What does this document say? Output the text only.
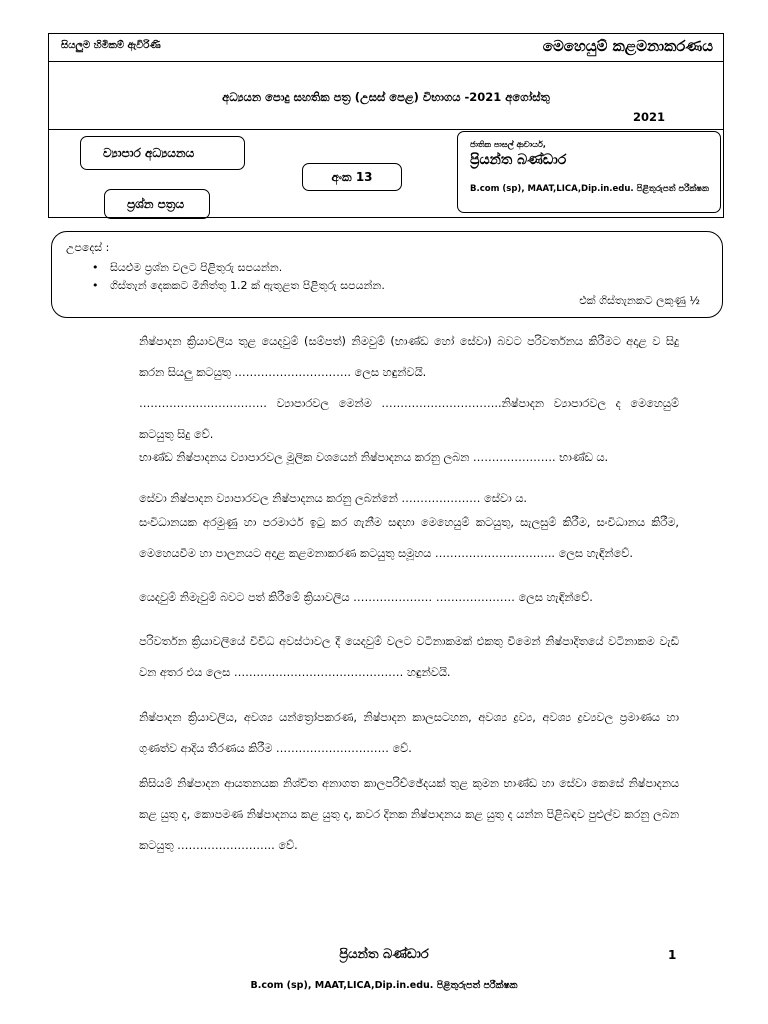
සියලුම හිමිකම් ඇවිරිණි	මෙහෙයුම් කළමනාකරණය
අධ්‍යයන පොදු සහතික පත්‍ර (උසස් පෙළ) විභාගය -2021 අගෝස්තු
2021
ව්‍යාපාර අධ්‍යයනය
ප්‍රශ්න පත්‍රය
අංක 13
ජාතික පාසල් ආචාර්ය,
ප්‍රියන්ත බණ්ඩාර
B.com (sp), MAAT,LICA,Dip.in.edu. පිළිතුරුපත් පරීක්ෂක
උපදෙස් :
• සියළුම ප්‍රශ්න වලට පිළිතුරු සපයන්න.
• ගිස්තැන් දෙකකට මිනිත්තු 1.2 ක් ඇතුළත පිළිතුරු සපයන්න.
එක් ගිස්තැනකට ලකුණු ½
නිෂ්පාදන ක්‍රියාවලිය තුළ යෙදවුම් (සම්පත්) නිමවුම් (භාණ්ඩ හෝ සේවා) බවට පරිවර්තනය කිරීමට අදාළ ව සිදු කරන සියලු කටයුතු …………………………. ලෙස හඳුන්වයි.
……………………………. ව්‍යාපාරවල මෙන්ම …………………………..නිෂ්පාදන ව්‍යාපාරවල ද මෙහෙයුම් කටයුතු සිදු වේ.
භාණ්ඩ නිෂ්පාදනය ව්‍යාපාරවල මූලික වශයෙන් නිෂ්පාදනය කරනු ලබන …………………. භාණ්ඩ ය.
සේවා නිෂ්පාදන ව්‍යාපාරවල නිෂ්පාදනය කරනු ලබන්නේ ………………… සේවා ය.
සංවිධානයක අරමුණු හා පරමාර්ථ ඉටු කර ගැනීම සඳහා මෙහෙයුම් කටයුතු, සැලසුම් කිරීම, සංවිධානය කිරීම, මෙහෙයවීම හා පාලනයට අදාළ කළමනාකරණ කටයුතු සමූහය ………………………….. ලෙස හැඳින්වේ.
යෙදවුම් නිමැවුම් බවට පත් කිරීමේ ක්‍රියාවලිය ………………… ………………… ලෙස හැඳින්වේ.
පරිවර්තන ක්‍රියාවලියේ විවිධ අවස්ථාවල දී යෙදවුම් වලට වටිනාකමක් එකතු වීමෙන් නිෂ්පාදිතයේ වටිනාකම වැඩි වන අතර එය ලෙස ……………………………………… හඳුන්වයි.
නිෂ්පාදන ක්‍රියාවලිය, අවශ්‍ය යන්ත්‍රෝපකරණ, නිෂ්පාදන කාලසටහන, අවශ්‍ය ද්‍රව්‍ය, අවශ්‍ය ද්‍රව්‍යවල ප්‍රමාණය හා ගුණත්ව ආදිය තීරණය කිරීම ………………………… වේ.
කිසියම් නිෂ්පාදන ආයතනයක නිශ්චිත අනාගත කාලපරිච්ඡේදයක් තුළ කුමන භාණ්ඩ හා සේවා කෙසේ නිෂ්පාදනය කළ යුතු ද, කොපමණ නිෂ්පාදනය කළ යුතු ද, කවර දිනක නිෂ්පාදනය කළ යුතු ද යන්න පිළිබඳව පුළුල්ව කරනු ලබන කටයුතු …………………….. වේ.
ප්‍රියන්ත බණ්ඩාර	1
B.com (sp), MAAT,LICA,Dip.in.edu. පිළිතුරුපත් පරීක්ෂක
